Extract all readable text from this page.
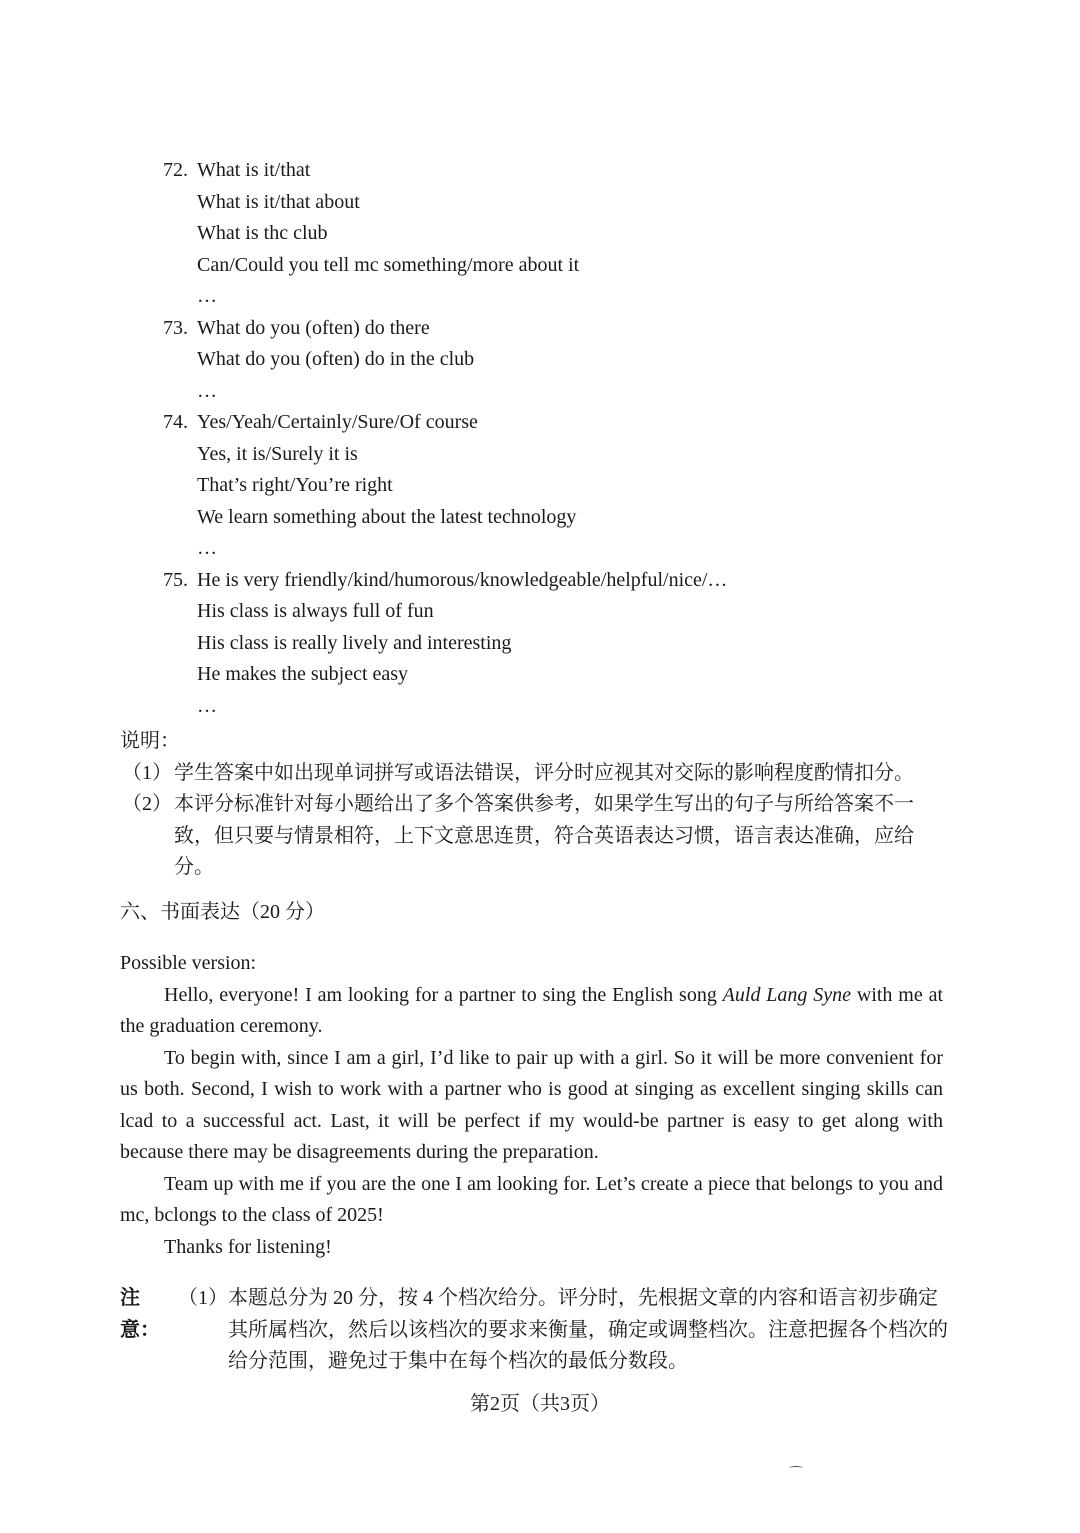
72. What is it/that
What is it/that about
What is thc club
Can/Could you tell mc something/more about it
…
73. What do you (often) do there
What do you (often) do in the club
…
74. Yes/Yeah/Certainly/Sure/Of course
Yes, it is/Surely it is
That’s right/You’re right
We learn something about the latest technology
…
75. He is very friendly/kind/humorous/knowledgeable/helpful/nice/…
His class is always full of fun
His class is really lively and interesting
He makes the subject easy
…

说明：

（1） 学生答案中如出现单词拼写或语法错误，评分时应视其对交际的影响程度酌情扣分。
（2） 本评分标准针对每小题给出了多个答案供参考，如果学生写出的句子与所给答案不一致，但只要与情景相符，上下文意思连贯，符合英语表达习惯，语言表达准确，应给分。
六、书面表达（20 分）

Possible version:

Hello, everyone! I am looking for a partner to sing the English song Auld Lang Syne with me at the graduation ceremony.

To begin with, since I am a girl, I’d like to pair up with a girl. So it will be more convenient for us both. Second, I wish to work with a partner who is good at singing as excellent singing skills can lcad to a successful act. Last, it will be perfect if my would-be partner is easy to get along with because there may be disagreements during the preparation.

Team up with me if you are the one I am looking for. Let’s create a piece that belongs to you and mc, bclongs to the class of 2025!

Thanks for listening!

注意：
（1） 本题总分为 20 分，按 4 个档次给分。评分时，先根据文章的内容和语言初步确定其所属档次，然后以该档次的要求来衡量，确定或调整档次。注意把握各个档次的给分范围，避免过于集中在每个档次的最低分数段。
第2页（共3页）
